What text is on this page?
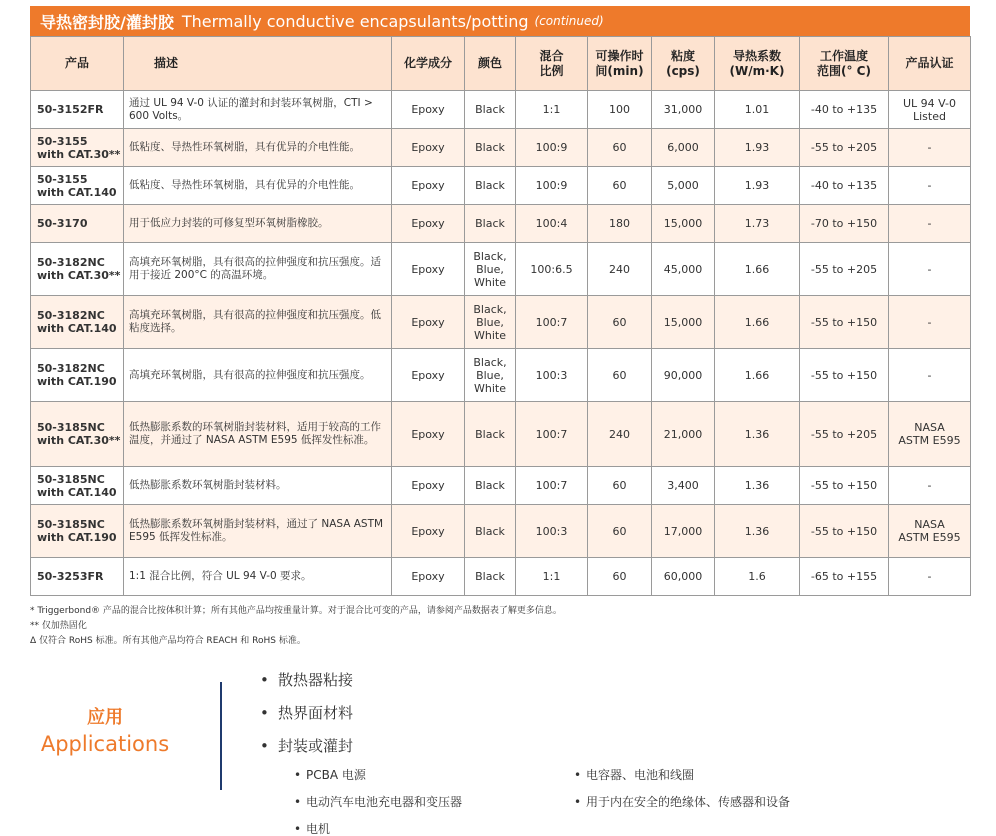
导热密封胶/灌封胶 Thermally conductive encapsulants/potting (continued)
产品	描述	化学成分	颜色	混合
比例	可操作时
间(min)	粘度
(cps)	导热系数
(W/m·K)	工作温度
范围(° C)	产品认证
50-3152FR	通过 UL 94 V-0 认证的灌封和封装环氧树脂，CTI > 600 Volts。	Epoxy	Black	1:1	100	31,000	1.01	-40 to +135	UL 94 V-0
Listed
50-3155
with CAT.30**	低粘度、导热性环氧树脂，具有优异的介电性能。	Epoxy	Black	100:9	60	6,000	1.93	-55 to +205	-
50-3155
with CAT.140	低粘度、导热性环氧树脂，具有优异的介电性能。	Epoxy	Black	100:9	60	5,000	1.93	-40 to +135	-
50-3170	用于低应力封装的可修复型环氧树脂橡胶。	Epoxy	Black	100:4	180	15,000	1.73	-70 to +150	-
50-3182NC
with CAT.30**	高填充环氧树脂，具有很高的拉伸强度和抗压强度。适用于接近 200°C 的高温环境。	Epoxy	Black,
Blue,
White	100:6.5	240	45,000	1.66	-55 to +205	-
50-3182NC
with CAT.140	高填充环氧树脂，具有很高的拉伸强度和抗压强度。低粘度选择。	Epoxy	Black,
Blue,
White	100:7	60	15,000	1.66	-55 to +150	-
50-3182NC
with CAT.190	高填充环氧树脂，具有很高的拉伸强度和抗压强度。	Epoxy	Black,
Blue,
White	100:3	60	90,000	1.66	-55 to +150	-
50-3185NC
with CAT.30**	低热膨胀系数的环氧树脂封装材料，适用于较高的工作温度，并通过了 NASA ASTM E595 低挥发性标准。	Epoxy	Black	100:7	240	21,000	1.36	-55 to +205	NASA
ASTM E595
50-3185NC
with CAT.140	低热膨胀系数环氧树脂封装材料。	Epoxy	Black	100:7	60	3,400	1.36	-55 to +150	-
50-3185NC
with CAT.190	低热膨胀系数环氧树脂封装材料，通过了 NASA ASTM E595 低挥发性标准。	Epoxy	Black	100:3	60	17,000	1.36	-55 to +150	NASA
ASTM E595
50-3253FR	1:1 混合比例，符合 UL 94 V-0 要求。	Epoxy	Black	1:1	60	60,000	1.6	-65 to +155	-
* Triggerbond® 产品的混合比按体积计算；所有其他产品均按重量计算。对于混合比可变的产品，请参阅产品数据表了解更多信息。
** 仅加热固化
Δ 仅符合 RoHS 标准。所有其他产品均符合 REACH 和 RoHS 标准。
应用
Applications
• 散热器粘接
• 热界面材料
• 封装或灌封
• PCBA 电源
• 电动汽车电池充电器和变压器
• 电机
• 电容器、电池和线圈
• 用于内在安全的绝缘体、传感器和设备
